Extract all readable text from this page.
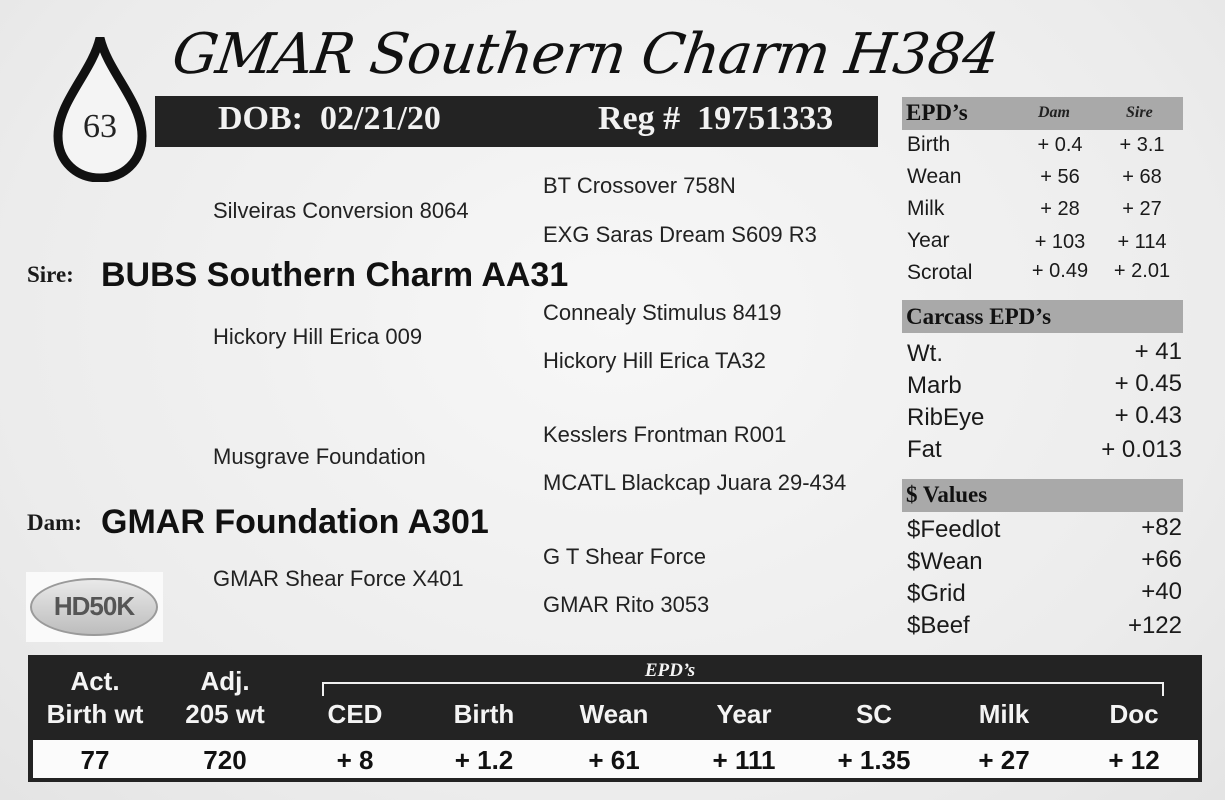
63
GMAR Southern Charm H384
DOB: 02/21/20	Reg # 19751333
BT Crossover 758N
Silveiras Conversion 8064
EXG Saras Dream S609 R3
Sire: BUBS Southern Charm AA31
Connealy Stimulus 8419
Hickory Hill Erica 009
Hickory Hill Erica TA32
Kesslers Frontman R001
Musgrave Foundation
MCATL Blackcap Juara 29-434
Dam: GMAR Foundation A301
G T Shear Force
GMAR Shear Force X401
GMAR Rito 3053
HD50K
EPD’s	Dam	Sire
Birth	+ 0.4	+ 3.1
Wean	+ 56	+ 68
Milk	+ 28	+ 27
Year	+ 103	+ 114
Scrotal	+ 0.49	+ 2.01
Carcass EPD’s
Wt.	+ 41
Marb	+ 0.45
RibEye	+ 0.43
Fat	+ 0.013
$ Values
$Feedlot	+82
$Wean	+66
$Grid	+40
$Beef	+122
EPD’s
Act.
Birth wt
Adj.
205 wt	CED	Birth	Wean	Year	SC	Milk	Doc
77	720	+ 8	+ 1.2	+ 61	+ 111	+ 1.35	+ 27	+ 12
